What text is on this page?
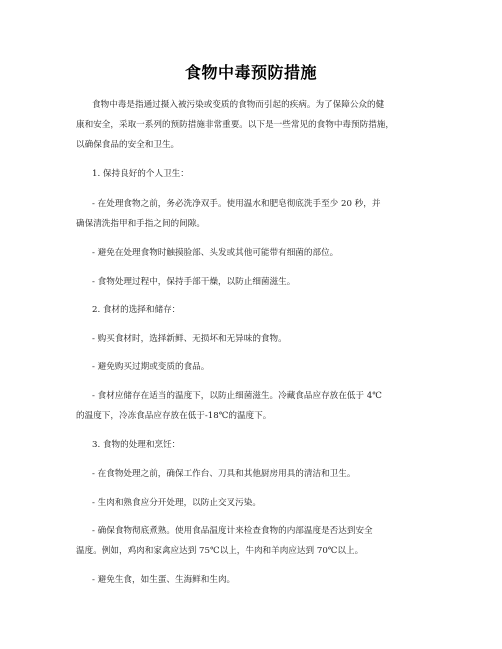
食物中毒预防措施
食物中毒是指通过摄入被污染或变质的食物而引起的疾病。为了保障公众的健
康和安全，采取一系列的预防措施非常重要。以下是一些常见的食物中毒预防措施，
以确保食品的安全和卫生。
1. 保持良好的个人卫生：
- 在处理食物之前，务必洗净双手。使用温水和肥皂彻底洗手至少 20 秒，并
确保清洗指甲和手指之间的间隙。
- 避免在处理食物时触摸脸部、头发或其他可能带有细菌的部位。
- 食物处理过程中，保持手部干燥，以防止细菌滋生。
2. 食材的选择和储存：
- 购买食材时，选择新鲜、无损坏和无异味的食物。
- 避免购买过期或变质的食品。
- 食材应储存在适当的温度下，以防止细菌滋生。冷藏食品应存放在低于 4℃
的温度下，冷冻食品应存放在低于-18℃的温度下。
3. 食物的处理和烹饪：
- 在食物处理之前，确保工作台、刀具和其他厨房用具的清洁和卫生。
- 生肉和熟食应分开处理，以防止交叉污染。
- 确保食物彻底煮熟。使用食品温度计来检查食物的内部温度是否达到安全
温度。例如，鸡肉和家禽应达到 75℃以上，牛肉和羊肉应达到 70℃以上。
- 避免生食，如生蛋、生海鲜和生肉。
